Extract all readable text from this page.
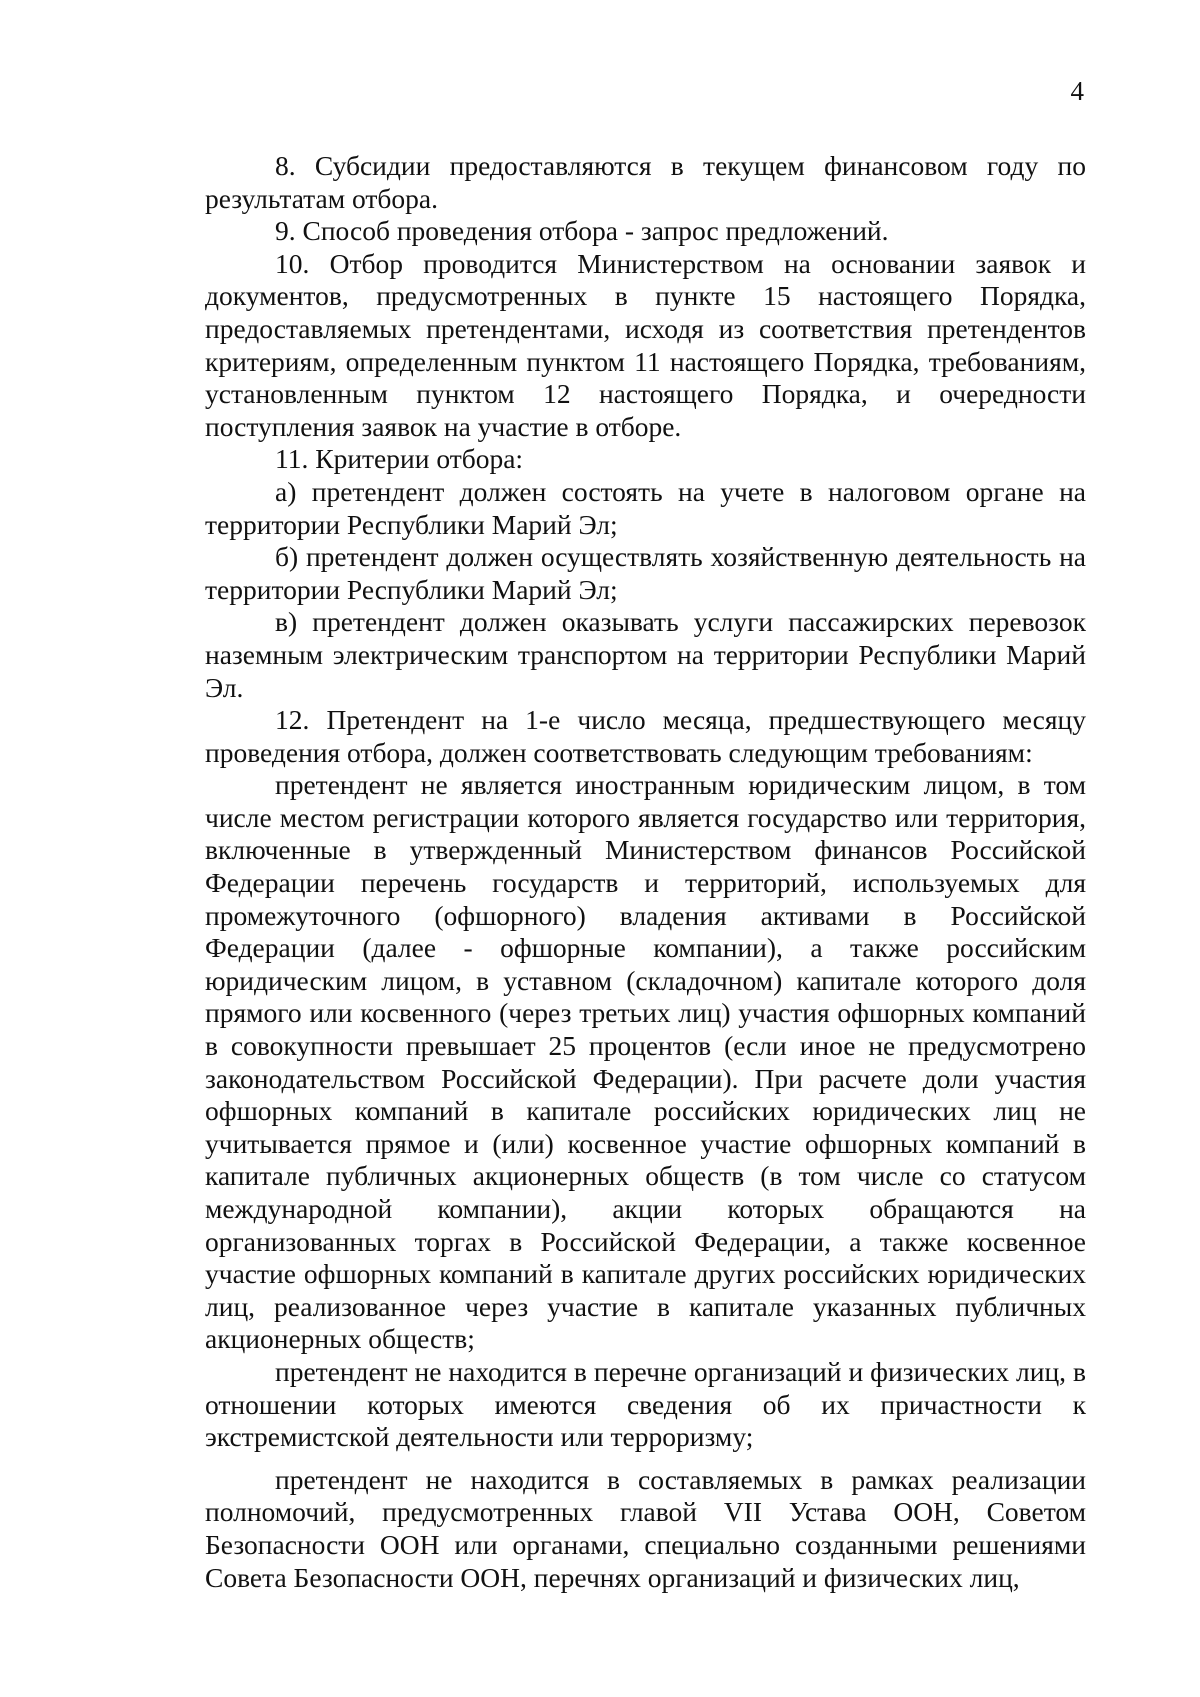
4

8. Субсидии предоставляются в текущем финансовом году по результатам отбора.

9. Способ проведения отбора - запрос предложений.

10. Отбор проводится Министерством на основании заявок и документов, предусмотренных в пункте 15 настоящего Порядка, предоставляемых претендентами, исходя из соответствия претендентов критериям, определенным пунктом 11 настоящего Порядка, требованиям, установленным пунктом 12 настоящего Порядка, и очередности поступления заявок на участие в отборе.

11. Критерии отбора:

а) претендент должен состоять на учете в налоговом органе на территории Республики Марий Эл;

б) претендент должен осуществлять хозяйственную деятельность на территории Республики Марий Эл;

в) претендент должен оказывать услуги пассажирских перевозок наземным электрическим транспортом на территории Республики Марий Эл.

12. Претендент на 1-е число месяца, предшествующего месяцу проведения отбора, должен соответствовать следующим требованиям:

претендент не является иностранным юридическим лицом, в том числе местом регистрации которого является государство или территория, включенные в утвержденный Министерством финансов Российской Федерации перечень государств и территорий, используемых для промежуточного (офшорного) владения активами в Российской Федерации (далее - офшорные компании), а также российским юридическим лицом, в уставном (складочном) капитале которого доля прямого или косвенного (через третьих лиц) участия офшорных компаний в совокупности превышает 25 процентов (если иное не предусмотрено законодательством Российской Федерации). При расчете доли участия офшорных компаний в капитале российских юридических лиц не учитывается прямое и (или) косвенное участие офшорных компаний в капитале публичных акционерных обществ (в том числе со статусом международной компании), акции которых обращаются на организованных торгах в Российской Федерации, а также косвенное участие офшорных компаний в капитале других российских юридических лиц, реализованное через участие в капитале указанных публичных акционерных обществ;

претендент не находится в перечне организаций и физических лиц, в отношении которых имеются сведения об их причастности к экстремистской деятельности или терроризму;

претендент не находится в составляемых в рамках реализации полномочий, предусмотренных главой VII Устава ООН, Советом Безопасности ООН или органами, специально созданными решениями Совета Безопасности ООН, перечнях организаций и физических лиц,
